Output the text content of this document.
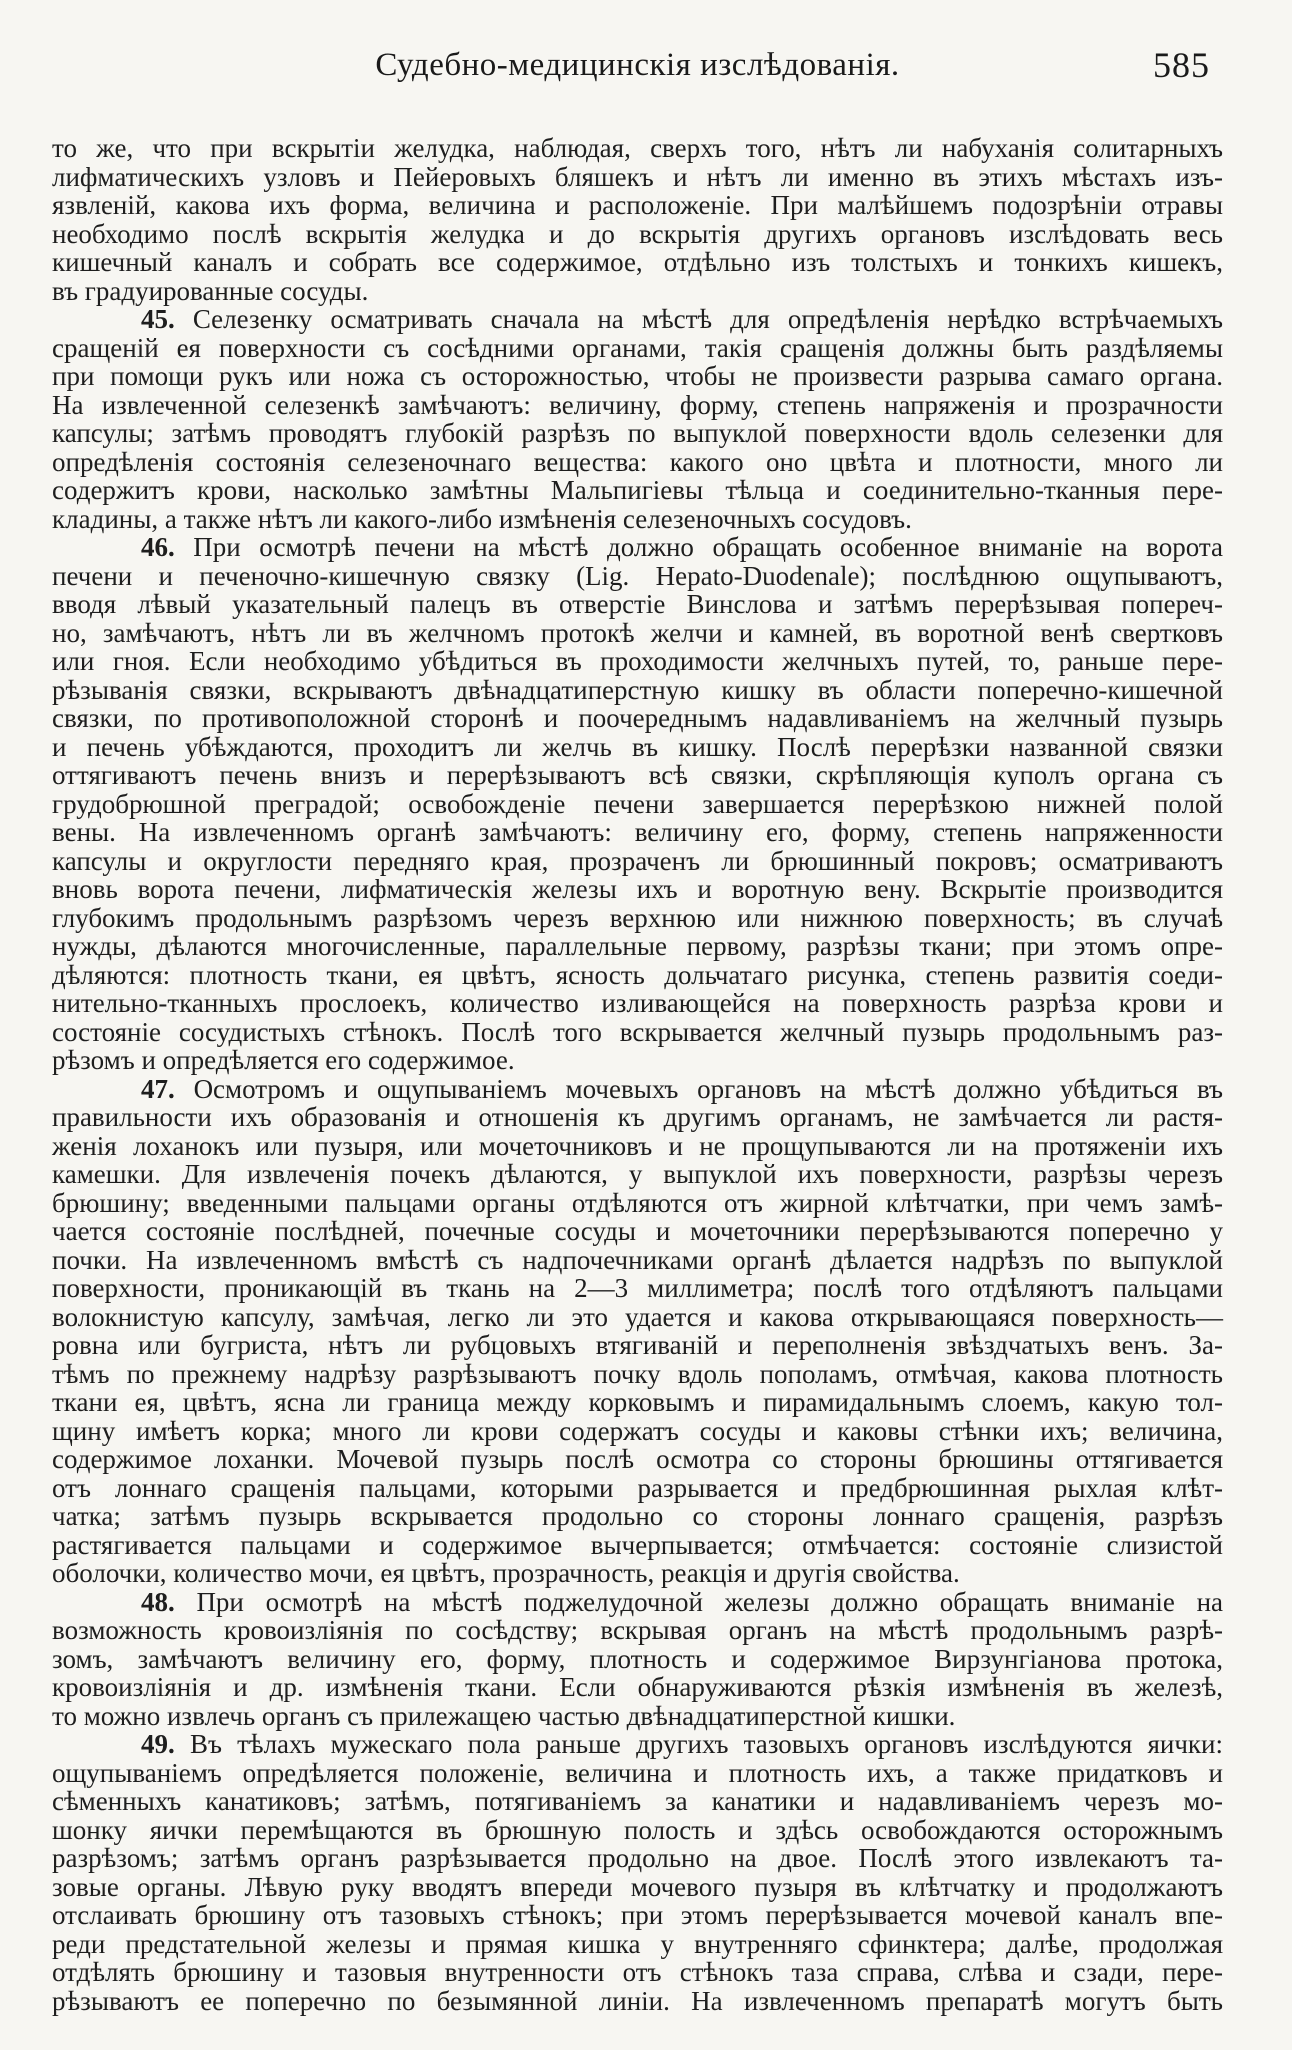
Судебно-медицинскія изслѣдованія.	585
то же, что при вскрытіи желудка, наблюдая, сверхъ того, нѣтъ ли набуханія солитарныхъ
лифматическихъ узловъ и Пейеровыхъ бляшекъ и нѣтъ ли именно въ этихъ мѣстахъ изъ-
язвленій, какова ихъ форма, величина и расположеніе. При малѣйшемъ подозрѣніи отравы
необходимо послѣ вскрытія желудка и до вскрытія другихъ органовъ изслѣдовать весь
кишечный каналъ и собрать все содержимое, отдѣльно изъ толстыхъ и тонкихъ кишекъ,
въ градуированные сосуды.
45. Селезенку осматривать сначала на мѣстѣ для опредѣленія нерѣдко встрѣчаемыхъ
сращеній ея поверхности съ сосѣдними органами, такія сращенія должны быть раздѣляемы
при помощи рукъ или ножа съ осторожностью, чтобы не произвести разрыва самаго органа.
На извлеченной селезенкѣ замѣчаютъ: величину, форму, степень напряженія и прозрачности
капсулы; затѣмъ проводятъ глубокій разрѣзъ по выпуклой поверхности вдоль селезенки для
опредѣленія состоянія селезеночнаго вещества: какого оно цвѣта и плотности, много ли
содержитъ крови, насколько замѣтны Мальпигіевы тѣльца и соединительно-тканныя пере-
кладины, а также нѣтъ ли какого-либо измѣненія селезеночныхъ сосудовъ.
46. При осмотрѣ печени на мѣстѣ должно обращать особенное вниманіе на ворота
печени и печеночно-кишечную связку (Lig. Hepato-Duodenale); послѣднюю ощупываютъ,
вводя лѣвый указательный палецъ въ отверстіе Винслова и затѣмъ перерѣзывая попереч-
но, замѣчаютъ, нѣтъ ли въ желчномъ протокѣ желчи и камней, въ воротной венѣ свертковъ
или гноя. Если необходимо убѣдиться въ проходимости желчныхъ путей, то, раньше пере-
рѣзыванія связки, вскрываютъ двѣнадцатиперстную кишку въ области поперечно-кишечной
связки, по противоположной сторонѣ и поочереднымъ надавливаніемъ на желчный пузырь
и печень убѣждаются, проходитъ ли желчь въ кишку. Послѣ перерѣзки названной связки
оттягиваютъ печень внизъ и перерѣзываютъ всѣ связки, скрѣпляющія куполъ органа съ
грудобрюшной преградой; освобожденіе печени завершается перерѣзкою нижней полой
вены. На извлеченномъ органѣ замѣчаютъ: величину его, форму, степень напряженности
капсулы и округлости передняго края, прозраченъ ли брюшинный покровъ; осматриваютъ
вновь ворота печени, лифматическія железы ихъ и воротную вену. Вскрытіе производится
глубокимъ продольнымъ разрѣзомъ черезъ верхнюю или нижнюю поверхность; въ случаѣ
нужды, дѣлаются многочисленные, параллельные первому, разрѣзы ткани; при этомъ опре-
дѣляются: плотность ткани, ея цвѣтъ, ясность дольчатаго рисунка, степень развитія соеди-
нительно-тканныхъ прослоекъ, количество изливающейся на поверхность разрѣза крови и
состояніе сосудистыхъ стѣнокъ. Послѣ того вскрывается желчный пузырь продольнымъ раз-
рѣзомъ и опредѣляется его содержимое.
47. Осмотромъ и ощупываніемъ мочевыхъ органовъ на мѣстѣ должно убѣдиться въ
правильности ихъ образованія и отношенія къ другимъ органамъ, не замѣчается ли растя-
женія лоханокъ или пузыря, или мочеточниковъ и не прощупываются ли на протяженіи ихъ
камешки. Для извлеченія почекъ дѣлаются, у выпуклой ихъ поверхности, разрѣзы черезъ
брюшину; введенными пальцами органы отдѣляются отъ жирной клѣтчатки, при чемъ замѣ-
чается состояніе послѣдней, почечные сосуды и мочеточники перерѣзываются поперечно у
почки. На извлеченномъ вмѣстѣ съ надпочечниками органѣ дѣлается надрѣзъ по выпуклой
поверхности, проникающій въ ткань на 2—3 миллиметра; послѣ того отдѣляютъ пальцами
волокнистую капсулу, замѣчая, легко ли это удается и какова открывающаяся поверхность—
ровна или бугриста, нѣтъ ли рубцовыхъ втягиваній и переполненія звѣздчатыхъ венъ. За-
тѣмъ по прежнему надрѣзу разрѣзываютъ почку вдоль пополамъ, отмѣчая, какова плотность
ткани ея, цвѣтъ, ясна ли граница между корковымъ и пирамидальнымъ слоемъ, какую тол-
щину имѣетъ корка; много ли крови содержатъ сосуды и каковы стѣнки ихъ; величина,
содержимое лоханки. Мочевой пузырь послѣ осмотра со стороны брюшины оттягивается
отъ лоннаго сращенія пальцами, которыми разрывается и предбрюшинная рыхлая клѣт-
чатка; затѣмъ пузырь вскрывается продольно со стороны лоннаго сращенія, разрѣзъ
растягивается пальцами и содержимое вычерпывается; отмѣчается: состояніе слизистой
оболочки, количество мочи, ея цвѣтъ, прозрачность, реакція и другія свойства.
48. При осмотрѣ на мѣстѣ поджелудочной железы должно обращать вниманіе на
возможность кровоизліянія по сосѣдству; вскрывая органъ на мѣстѣ продольнымъ разрѣ-
зомъ, замѣчаютъ величину его, форму, плотность и содержимое Вирзунгіанова протока,
кровоизліянія и др. измѣненія ткани. Если обнаруживаются рѣзкія измѣненія въ железѣ,
то можно извлечь органъ съ прилежащею частью двѣнадцатиперстной кишки.
49. Въ тѣлахъ мужескаго пола раньше другихъ тазовыхъ органовъ изслѣдуются яички:
ощупываніемъ опредѣляется положеніе, величина и плотность ихъ, а также придатковъ и
сѣменныхъ канатиковъ; затѣмъ, потягиваніемъ за канатики и надавливаніемъ черезъ мо-
шонку яички перемѣщаются въ брюшную полость и здѣсь освобождаются осторожнымъ
разрѣзомъ; затѣмъ органъ разрѣзывается продольно на двое. Послѣ этого извлекаютъ та-
зовые органы. Лѣвую руку вводятъ впереди мочевого пузыря въ клѣтчатку и продолжаютъ
отслаивать брюшину отъ тазовыхъ стѣнокъ; при этомъ перерѣзывается мочевой каналъ впе-
реди предстательной железы и прямая кишка у внутренняго сфинктера; далѣе, продолжая
отдѣлять брюшину и тазовыя внутренности отъ стѣнокъ таза справа, слѣва и сзади, пере-
рѣзываютъ ее поперечно по безымянной линіи. На извлеченномъ препаратѣ могутъ быть
